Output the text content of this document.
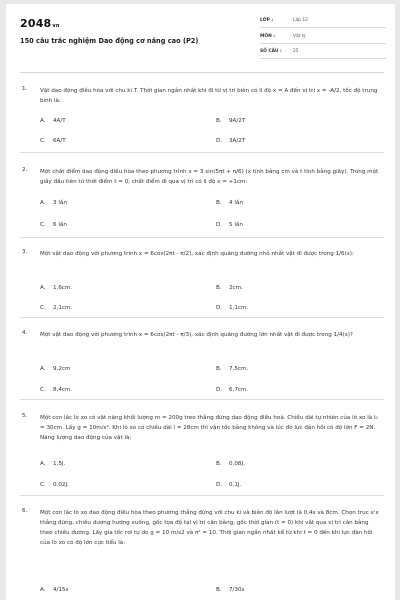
2048vn
150 câu trắc nghiệm Dao động cơ nâng cao (P2)
LỚP :	Lớp 12
MÔN :	Vật lý
SỐ CÂU :	25
1. Vật dao động điều hòa với chu kì T. Thời gian ngắn nhất khi đi từ vị trí biên có li độ x = A đến vị trí x = -A/2, tốc độ trung bình là:
A. 4A/T	B. 9A/2T
C. 6A/T	D. 3A/2T
2. Một chất điểm dao động điều hòa theo phương trình x = 3 sin(5πt + π/6) (x tính bằng cm và t tính bằng giây). Trong một giây đầu tiên từ thời điểm t = 0, chất điểm đi qua vị trí có li độ x = +1cm:
A. 3 lần	B. 4 lần
C. 6 lần	D. 5 lần
3. Một vật dao động với phương trình x = 6cos(2πt - π/2), xác định quãng đường nhỏ nhất vật đi được trong 1/6(s):
A. 1,6cm.	B. 2cm.
C. 2,1cm.	D. 1,1cm.
4. Một vật dao động với phương trình x = 6cos(2πt - π/3), xác định quãng đường lớn nhất vật đi được trong 1/4(s)?
A. 9,2cm	B. 7,5cm.
C. 8,4cm.	D. 6,7cm.
5. Một con lắc lò xo có vật nặng khối lượng m = 200g treo thẳng đứng dao động điều hoà. Chiều dài tự nhiên của lò xo là l₀ = 30cm. Lấy g = 10m/s². Khi lò xo có chiều dài l = 28cm thì vận tốc bằng không và lúc đó lực đàn hồi có độ lớn F = 2N. Năng lượng dao động của vật là:
A. 1,5J.	B. 0,08J.
C. 0,02J.	D. 0,1J.
6. Một con lắc lò xo dao động điều hòa theo phương thẳng đứng với chu kì và biên độ lần lượt là 0,4s và 8cm. Chọn trục x'x thẳng đứng, chiều dương hướng xuống, gốc tọa độ tại vị trí cân bằng, gốc thời gian (t = 0) khi vật qua vị trí cân bằng theo chiều dương. Lấy gia tốc rơi tự do g = 10 m/s2 và π² = 10. Thời gian ngắn nhất kể từ khi t = 0 đến khi lực đàn hồi của lò xo có độ lớn cực tiểu là:
A. 4/15s	B. 7/30s
